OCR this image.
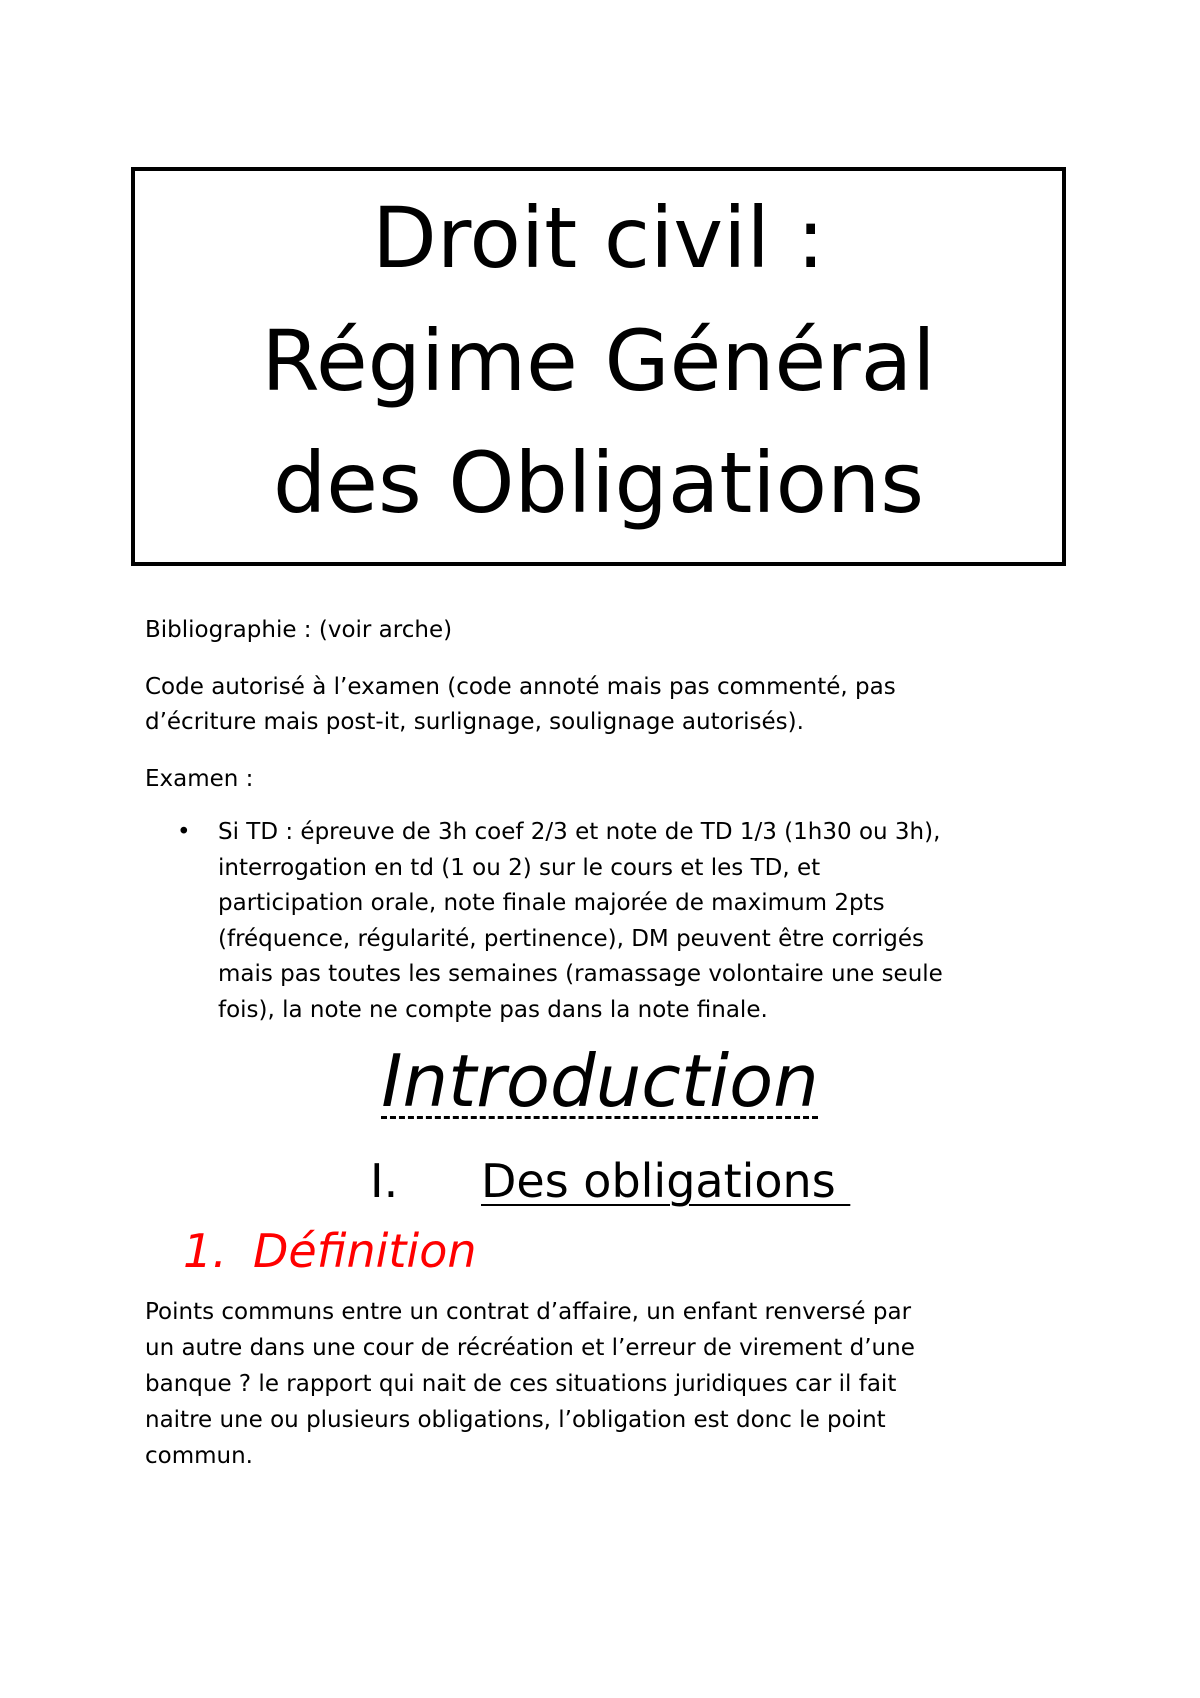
Droit civil :
Régime Général
des Obligations
Bibliographie : (voir arche)
Code autorisé à l’examen (code annoté mais pas commenté, pas
d’écriture mais post-it, surlignage, soulignage autorisés).
Examen :
• Si TD : épreuve de 3h coef 2/3 et note de TD 1/3 (1h30 ou 3h),
interrogation en td (1 ou 2) sur le cours et les TD, et
participation orale, note finale majorée de maximum 2pts
(fréquence, régularité, pertinence), DM peuvent être corrigés
mais pas toutes les semaines (ramassage volontaire une seule
fois), la note ne compte pas dans la note finale.
Introduction
I. Des obligations
1. Définition
Points communs entre un contrat d’affaire, un enfant renversé par
un autre dans une cour de récréation et l’erreur de virement d’une
banque ? le rapport qui nait de ces situations juridiques car il fait
naitre une ou plusieurs obligations, l’obligation est donc le point
commun.
